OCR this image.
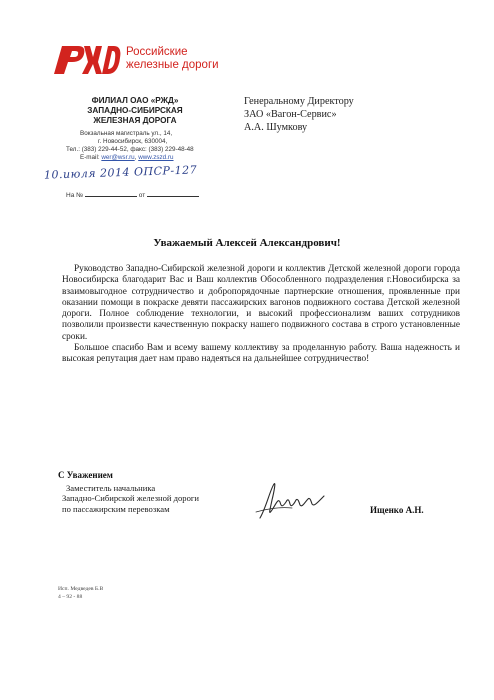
Российские
железные дороги
ФИЛИАЛ ОАО «РЖД»
ЗАПАДНО-СИБИРСКАЯ
ЖЕЛЕЗНАЯ ДОРОГА
Вокзальная магистраль ул., 14,
г. Новосибирск, 630004,
Тел.: (383) 229-44-52, факс: (383) 229-48-48
E-mail: wer@wsr.ru, www.zszd.ru
Генеральному Директору
ЗАО «Вагон-Сервис»
А.А. Шумкову
10.июля 2014 ОПСР-127
На №	от
Уважаемый Алексей Александрович!

Руководство Западно-Сибирской железной дороги и коллектив Детской железной дороги города Новосибирска благодарит Вас и Ваш коллектив Обособленного подразделения г.Новосибирска за взаимовыгодное сотрудничество и добропорядочные партнерские отношения, проявленные при оказании помощи в покраске девяти пассажирских вагонов подвижного состава Детской железной дороги. Полное соблюдение технологии, и высокий профессионализм ваших сотрудников позволили произвести качественную покраску нашего подвижного состава в строго установленные сроки.

Большое спасибо Вам и всему вашему коллективу за проделанную работу. Ваша надежность и высокая репутация дает нам право надеяться на дальнейшее сотрудничество!

С Уважением
Заместитель начальника
Западно-Сибирской железной дороги
по пассажирским перевозкам	Ищенко А.Н.
Исп. Медведев Б.В
4 – 92 - 88
